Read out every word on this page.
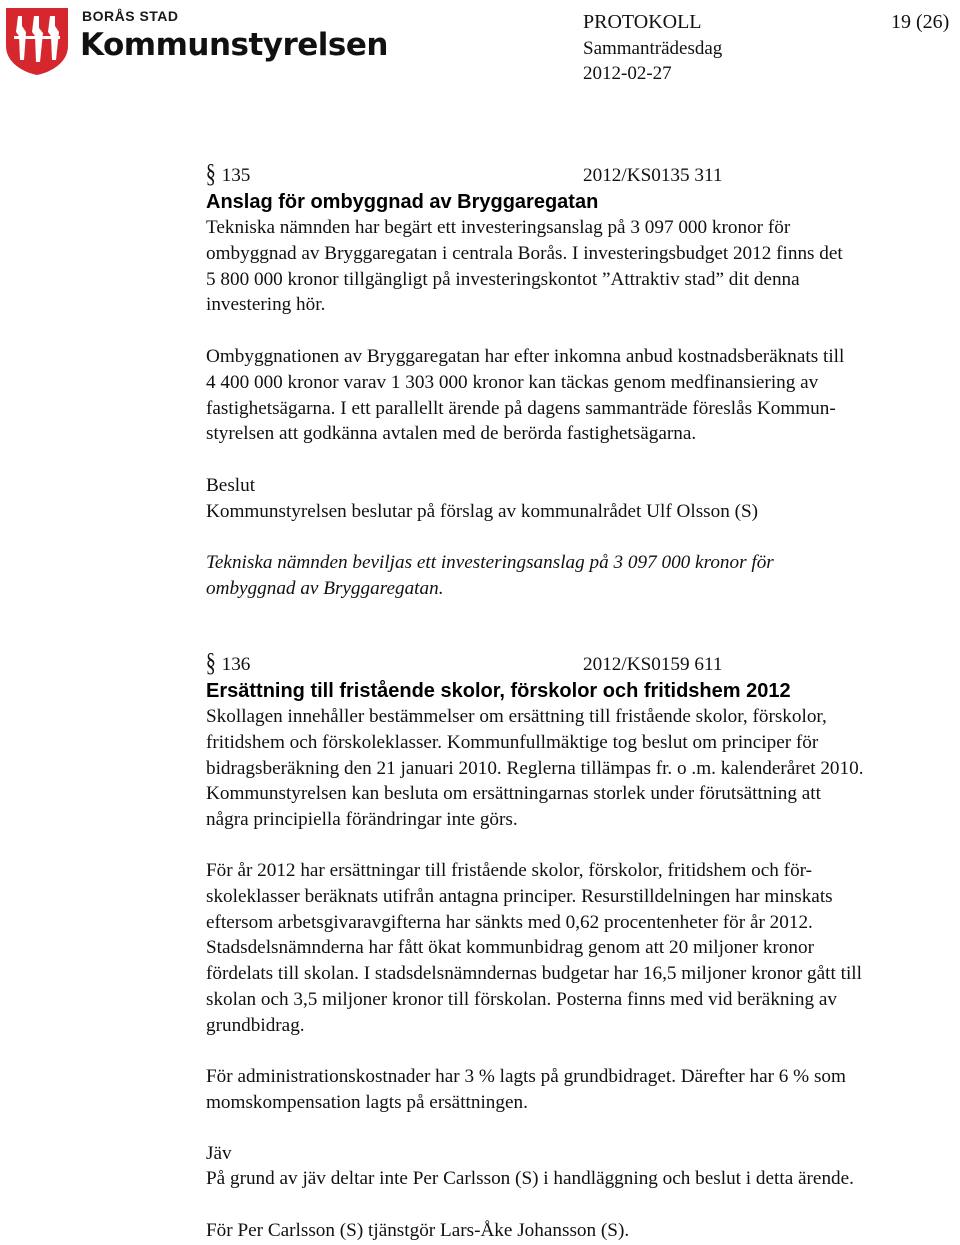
BORÅS STAD
Kommunstyrelsen
PROTOKOLL	19 (26)
Sammanträdesdag
2012-02-27
§ 135	2012/KS0135 311
Anslag för ombyggnad av Bryggaregatan
Tekniska nämnden har begärt ett investeringsanslag på 3 097 000 kronor för
ombyggnad av Bryggaregatan i centrala Borås. I investeringsbudget 2012 finns det
5 800 000 kronor tillgängligt på investeringskontot ”Attraktiv stad” dit denna
investering hör.
Ombyggnationen av Bryggaregatan har efter inkomna anbud kostnadsberäknats till
4 400 000 kronor varav 1 303 000 kronor kan täckas genom medfinansiering av
fastighetsägarna. I ett parallellt ärende på dagens sammanträde föreslås Kommun-
styrelsen att godkänna avtalen med de berörda fastighetsägarna.
Beslut
Kommunstyrelsen beslutar på förslag av kommunalrådet Ulf Olsson (S)
Tekniska nämnden beviljas ett investeringsanslag på 3 097 000 kronor för
ombyggnad av Bryggaregatan.
§ 136	2012/KS0159 611
Ersättning till fristående skolor, förskolor och fritidshem 2012
Skollagen innehåller bestämmelser om ersättning till fristående skolor, förskolor,
fritidshem och förskoleklasser. Kommunfullmäktige tog beslut om principer för
bidragsberäkning den 21 januari 2010. Reglerna tillämpas fr. o .m. kalenderåret 2010.
Kommunstyrelsen kan besluta om ersättningarnas storlek under förutsättning att
några principiella förändringar inte görs.
För år 2012 har ersättningar till fristående skolor, förskolor, fritidshem och för-
skoleklasser beräknats utifrån antagna principer. Resurstilldelningen har minskats
eftersom arbetsgivaravgifterna har sänkts med 0,62 procentenheter för år 2012.
Stadsdelsnämnderna har fått ökat kommunbidrag genom att 20 miljoner kronor
fördelats till skolan. I stadsdelsnämndernas budgetar har 16,5 miljoner kronor gått till
skolan och 3,5 miljoner kronor till förskolan. Posterna finns med vid beräkning av
grundbidrag.
För administrationskostnader har 3 % lagts på grundbidraget. Därefter har 6 % som
momskompensation lagts på ersättningen.
Jäv
På grund av jäv deltar inte Per Carlsson (S) i handläggning och beslut i detta ärende.
För Per Carlsson (S) tjänstgör Lars-Åke Johansson (S).
